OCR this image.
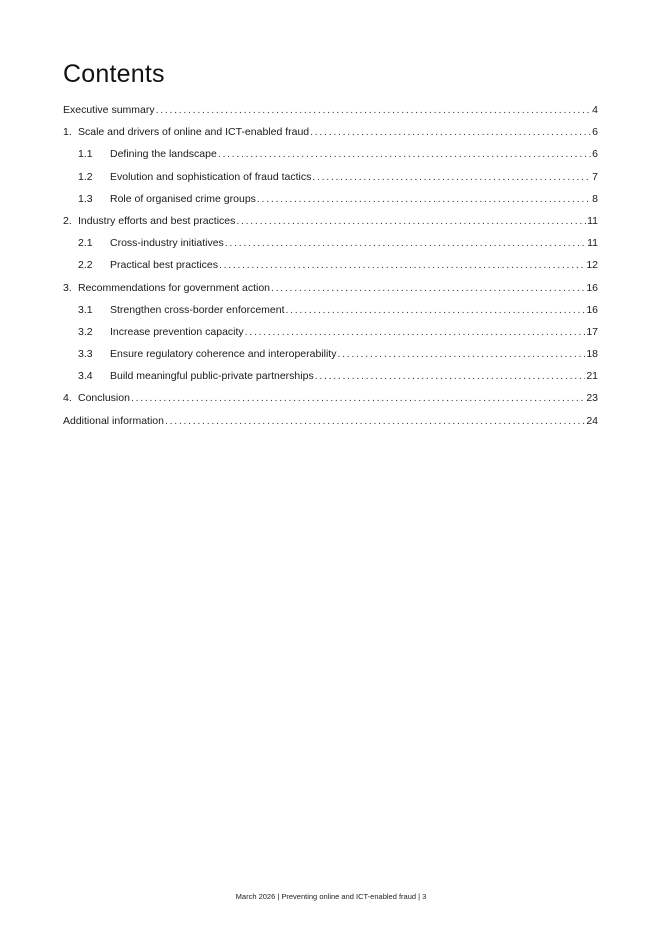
Contents
Executive summary . . .	4
1. Scale and drivers of online and ICT-enabled fraud . . .	6
1.1	Defining the landscape . . .	6
1.2	Evolution and sophistication of fraud tactics . . .	7
1.3	Role of organised crime groups . . .	8
2. Industry efforts and best practices . . .	11
2.1	Cross-industry initiatives . . .	11
2.2	Practical best practices . . .	12
3. Recommendations for government action . . .	16
3.1	Strengthen cross-border enforcement . . .	16
3.2	Increase prevention capacity . . .	17
3.3	Ensure regulatory coherence and interoperability . . .	18
3.4	Build meaningful public-private partnerships . . .	21
4. Conclusion . . .	23
Additional information . . .	24
March 2026 | Preventing online and ICT-enabled fraud | 3
